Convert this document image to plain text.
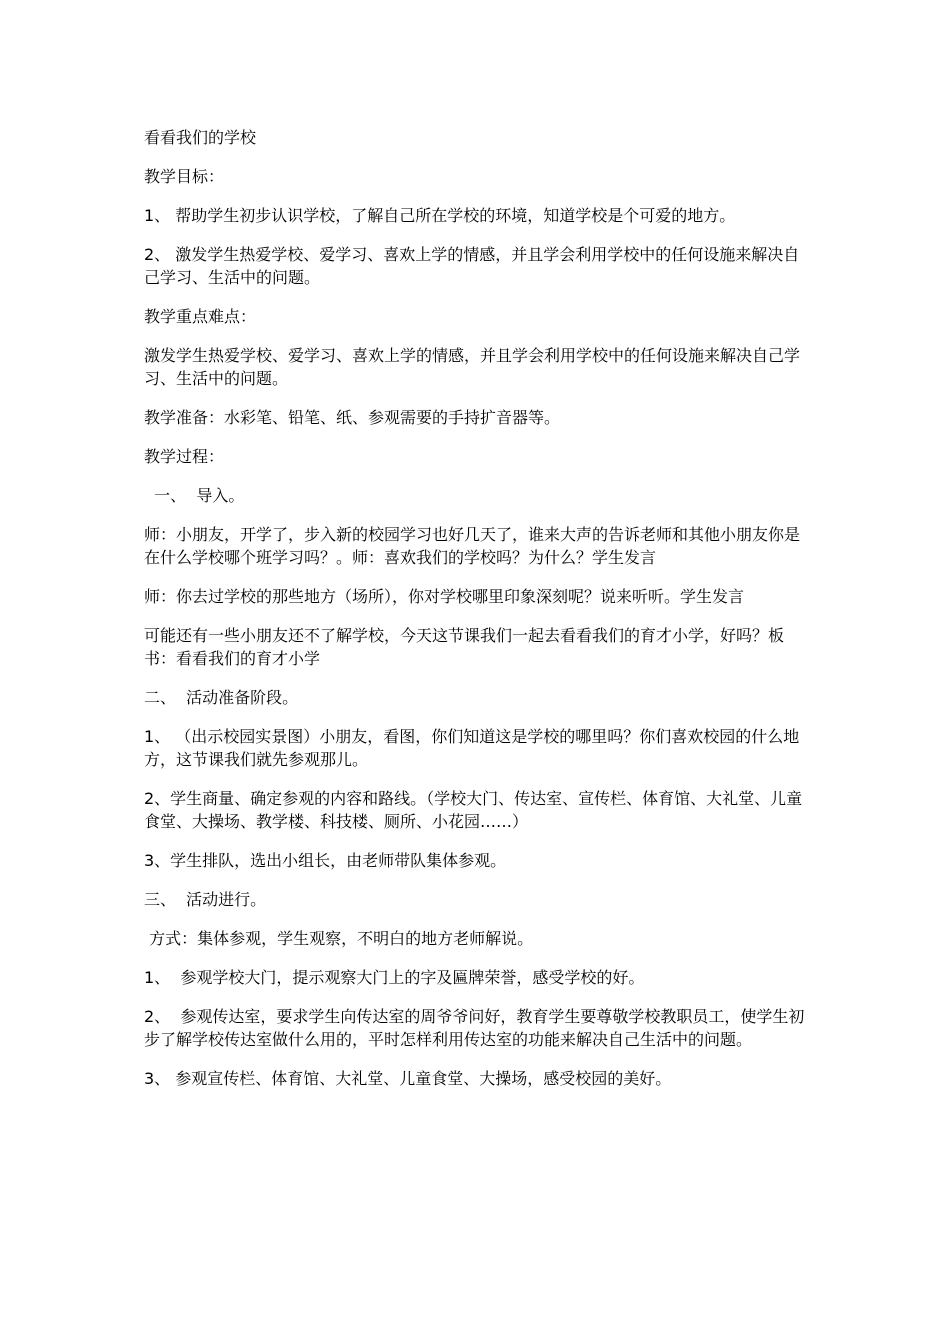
看看我们的学校

教学目标：

1、 帮助学生初步认识学校，了解自己所在学校的环境，知道学校是个可爱的地方。

2、 激发学生热爱学校、爱学习、喜欢上学的情感，并且学会利用学校中的任何设施来解决自己学习、生活中的问题。

教学重点难点：

激发学生热爱学校、爱学习、喜欢上学的情感，并且学会利用学校中的任何设施来解决自己学习、生活中的问题。

教学准备：水彩笔、铅笔、纸、参观需要的手持扩音器等。

教学过程：

一、  导入。

师：小朋友，开学了，步入新的校园学习也好几天了，谁来大声的告诉老师和其他小朋友你是在什么学校哪个班学习吗？。师：喜欢我们的学校吗？为什么？学生发言

师：你去过学校的那些地方（场所），你对学校哪里印象深刻呢？说来听听。学生发言

可能还有一些小朋友还不了解学校，今天这节课我们一起去看看我们的育才小学，好吗？板书：看看我们的育才小学

二、  活动准备阶段。

1、 （出示校园实景图）小朋友，看图，你们知道这是学校的哪里吗？你们喜欢校园的什么地方，这节课我们就先参观那儿。

2、学生商量、确定参观的内容和路线。（学校大门、传达室、宣传栏、体育馆、大礼堂、儿童食堂、大操场、教学楼、科技楼、厕所、小花园……）

3、学生排队，选出小组长，由老师带队集体参观。

三、  活动进行。

方式：集体参观，学生观察，不明白的地方老师解说。

1、  参观学校大门，提示观察大门上的字及匾牌荣誉，感受学校的好。

2、  参观传达室，要求学生向传达室的周爷爷问好，教育学生要尊敬学校教职员工，使学生初步了解学校传达室做什么用的，平时怎样利用传达室的功能来解决自己生活中的问题。

3、 参观宣传栏、体育馆、大礼堂、儿童食堂、大操场，感受校园的美好。
